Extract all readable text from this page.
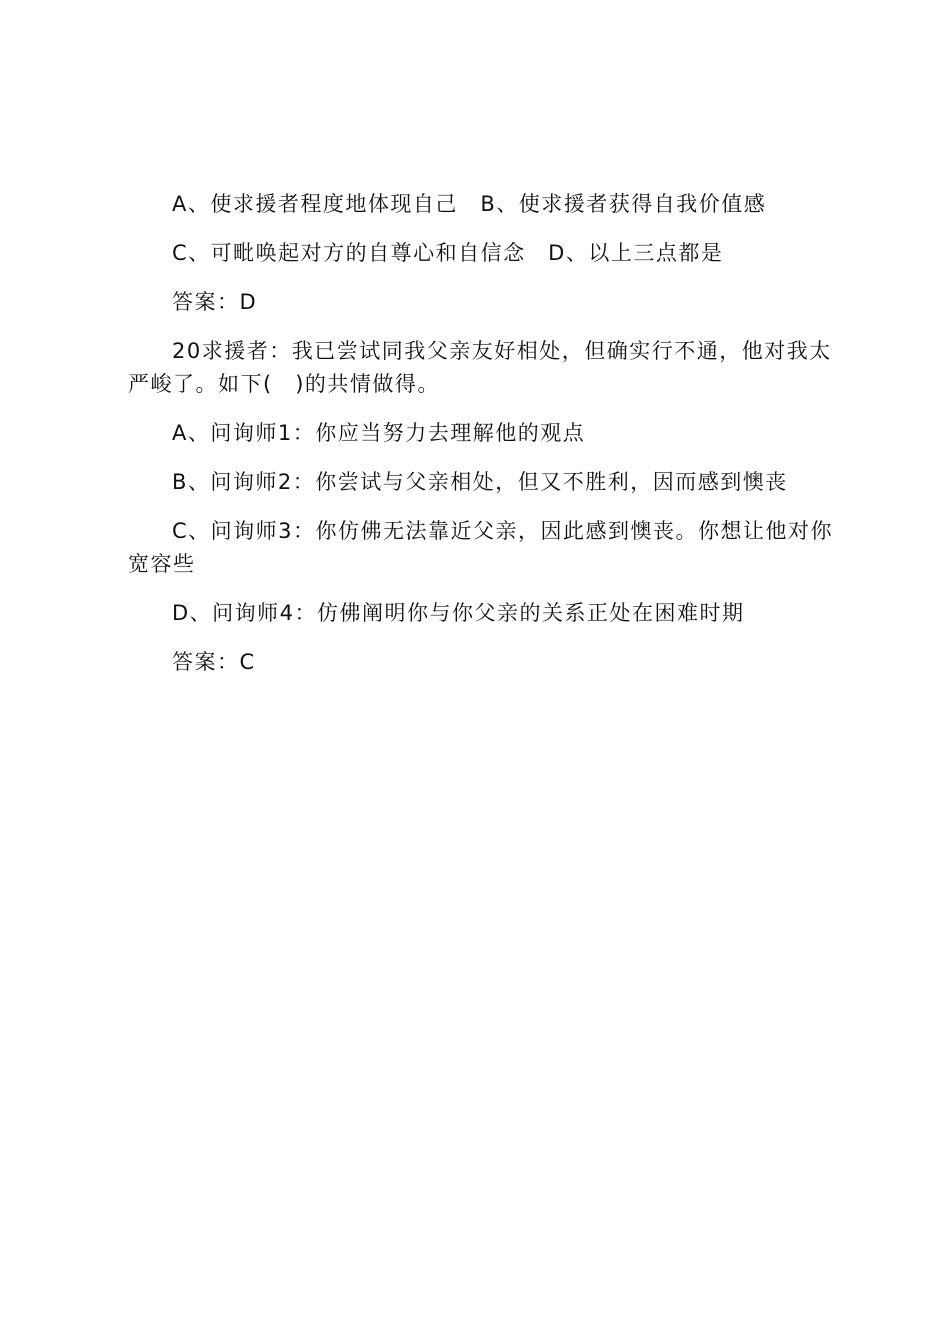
A、使求援者程度地体现自己　B、使求援者获得自我价值感

C、可毗唤起对方的自尊心和自信念　D、以上三点都是

答案：D

20求援者：我已尝试同我父亲友好相处，但确实行不通，他对我太严峻了。如下(　)的共情做得。

A、问询师1：你应当努力去理解他的观点

B、问询师2：你尝试与父亲相处，但又不胜利，因而感到懊丧

C、问询师3：你仿佛无法靠近父亲，因此感到懊丧。你想让他对你宽容些

D、问询师4：仿佛阐明你与你父亲的关系正处在困难时期

答案：C
